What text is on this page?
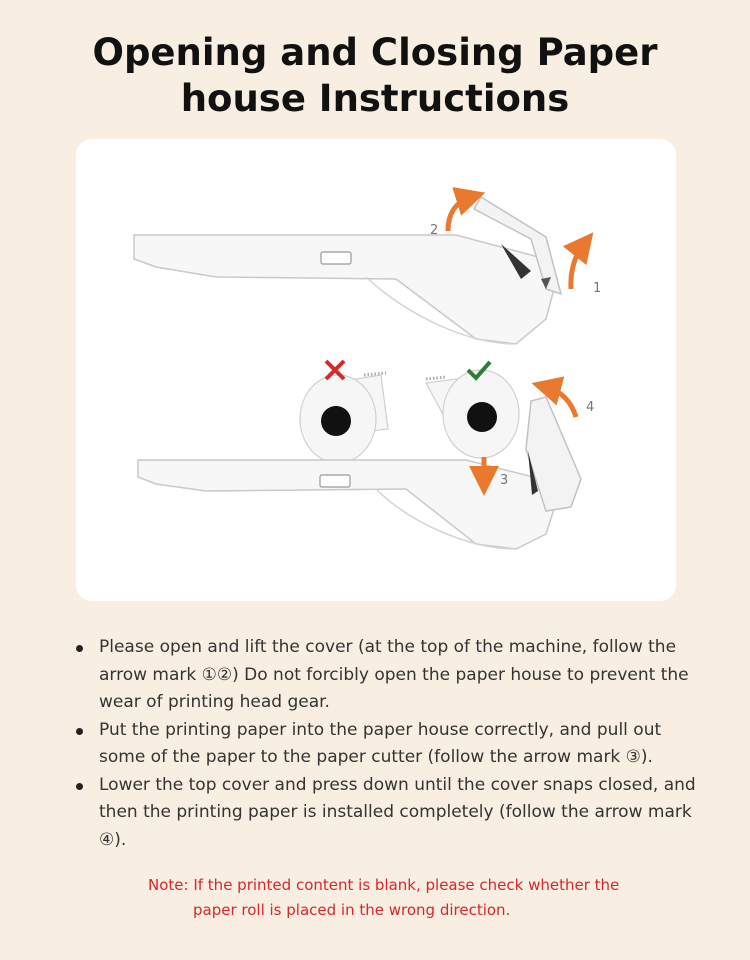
Opening and Closing Paper
house Instructions
2
1
3
4
Please open and lift the cover (at the top of the machine, follow the arrow mark ①②) Do not forcibly open the paper house to prevent the wear of printing head gear.
Put the printing paper into the paper house correctly, and pull out some of the paper to the paper cutter (follow the arrow mark ③).
Lower the top cover and press down until the cover snaps closed, and then the printing paper is installed completely (follow the arrow mark ④).
Note: If the printed content is blank, please check whether the
paper roll is placed in the wrong direction.
